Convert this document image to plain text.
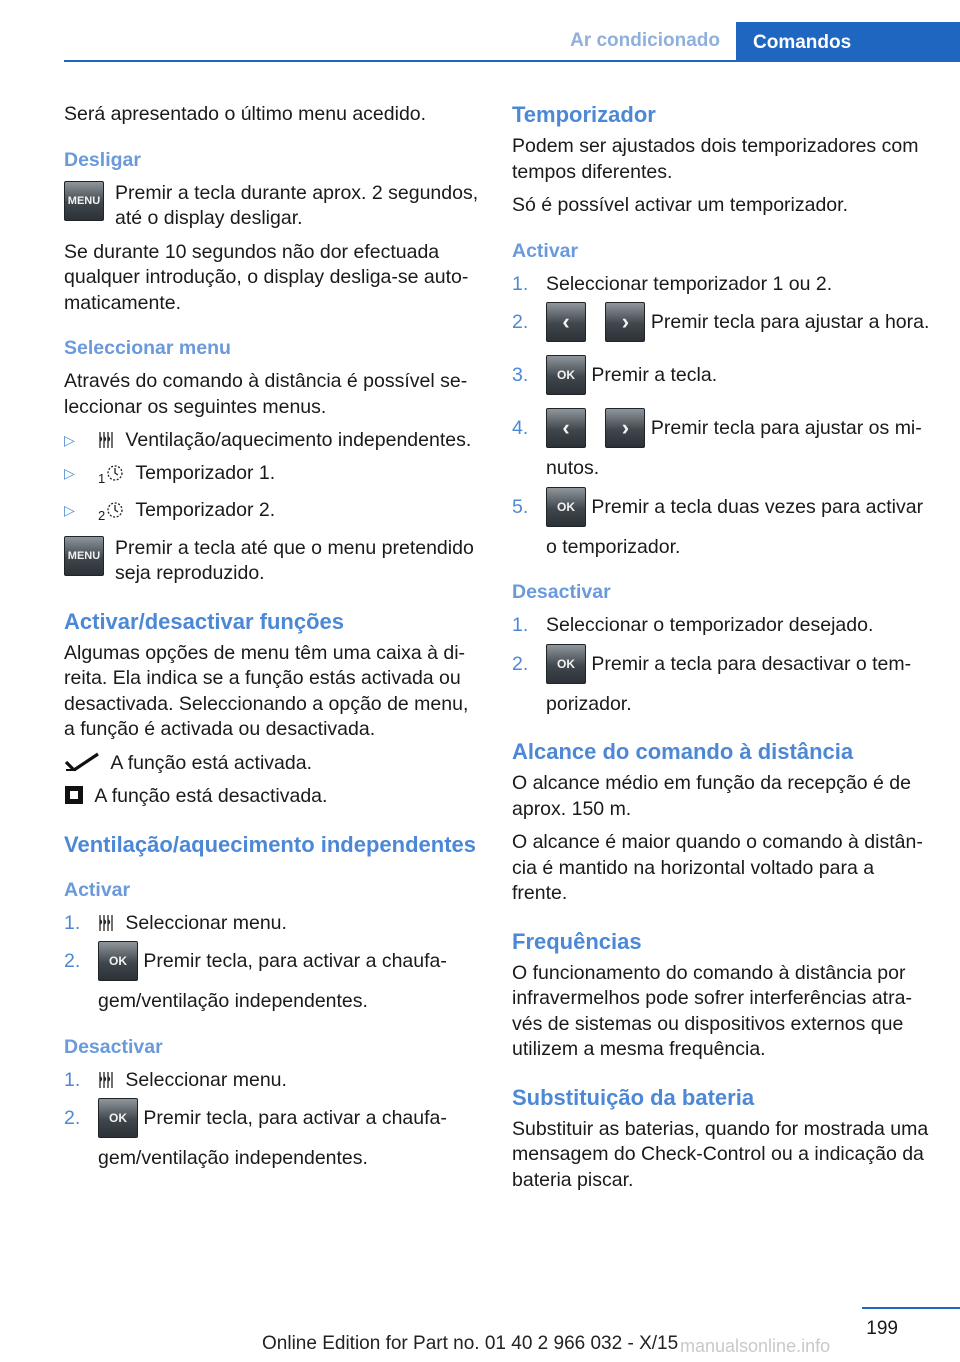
Ar condicionado	Comandos

Será apresentado o último menu acedido.

Desligar
MENU Premir a tecla durante aprox. 2 segundos, até o display desligar.

Se durante 10 segundos não dor efectuada qualquer introdução, o display desliga-se automaticamente.

Seleccionar menu

Através do comando à distância é possível seleccionar os seguintes menus.

▷	Ventilação/aquecimento independentes.
▷ $_1$ Temporizador 1.
▷ $_2$ Temporizador 2.
MENU Premir a tecla até que o menu pretendido seja reproduzido.
Activar/desactivar funções

Algumas opções de menu têm uma caixa à direita. Ela indica se a função estás activada ou desactivada. Seleccionando a opção de menu, a função é activada ou desactivada.

A função está activada.
A função está desactivada.
Ventilação/aquecimento independentes
Activar
1. Seleccionar menu.
2. OK Premir tecla, para activar a chaufagem/ventilação independentes.
Desactivar
1. Seleccionar menu.
2. OK Premir tecla, para activar a chaufagem/ventilação independentes.
Temporizador

Podem ser ajustados dois temporizadores com tempos diferentes.

Só é possível activar um temporizador.

Activar
1. Seleccionar temporizador 1 ou 2.
2. ‹ › Premir tecla para ajustar a hora.
3. OK Premir a tecla.
4. ‹ › Premir tecla para ajustar os minutos.
5. OK Premir a tecla duas vezes para activar o temporizador.
Desactivar
1. Seleccionar o temporizador desejado.
2. OK Premir a tecla para desactivar o temporizador.
Alcance do comando à distância

O alcance médio em função da recepção é de aprox. 150 m.

O alcance é maior quando o comando à distância é mantido na horizontal voltado para a frente.

Frequências

O funcionamento do comando à distância por infravermelhos pode sofrer interferências através de sistemas ou dispositivos externos que utilizem a mesma frequência.

Substituição da bateria

Substituir as baterias, quando for mostrada uma mensagem do Check-Control ou a indicação da bateria piscar.

199
Online Edition for Part no. 01 40 2 966 032 - X/15 manualsonline.info
